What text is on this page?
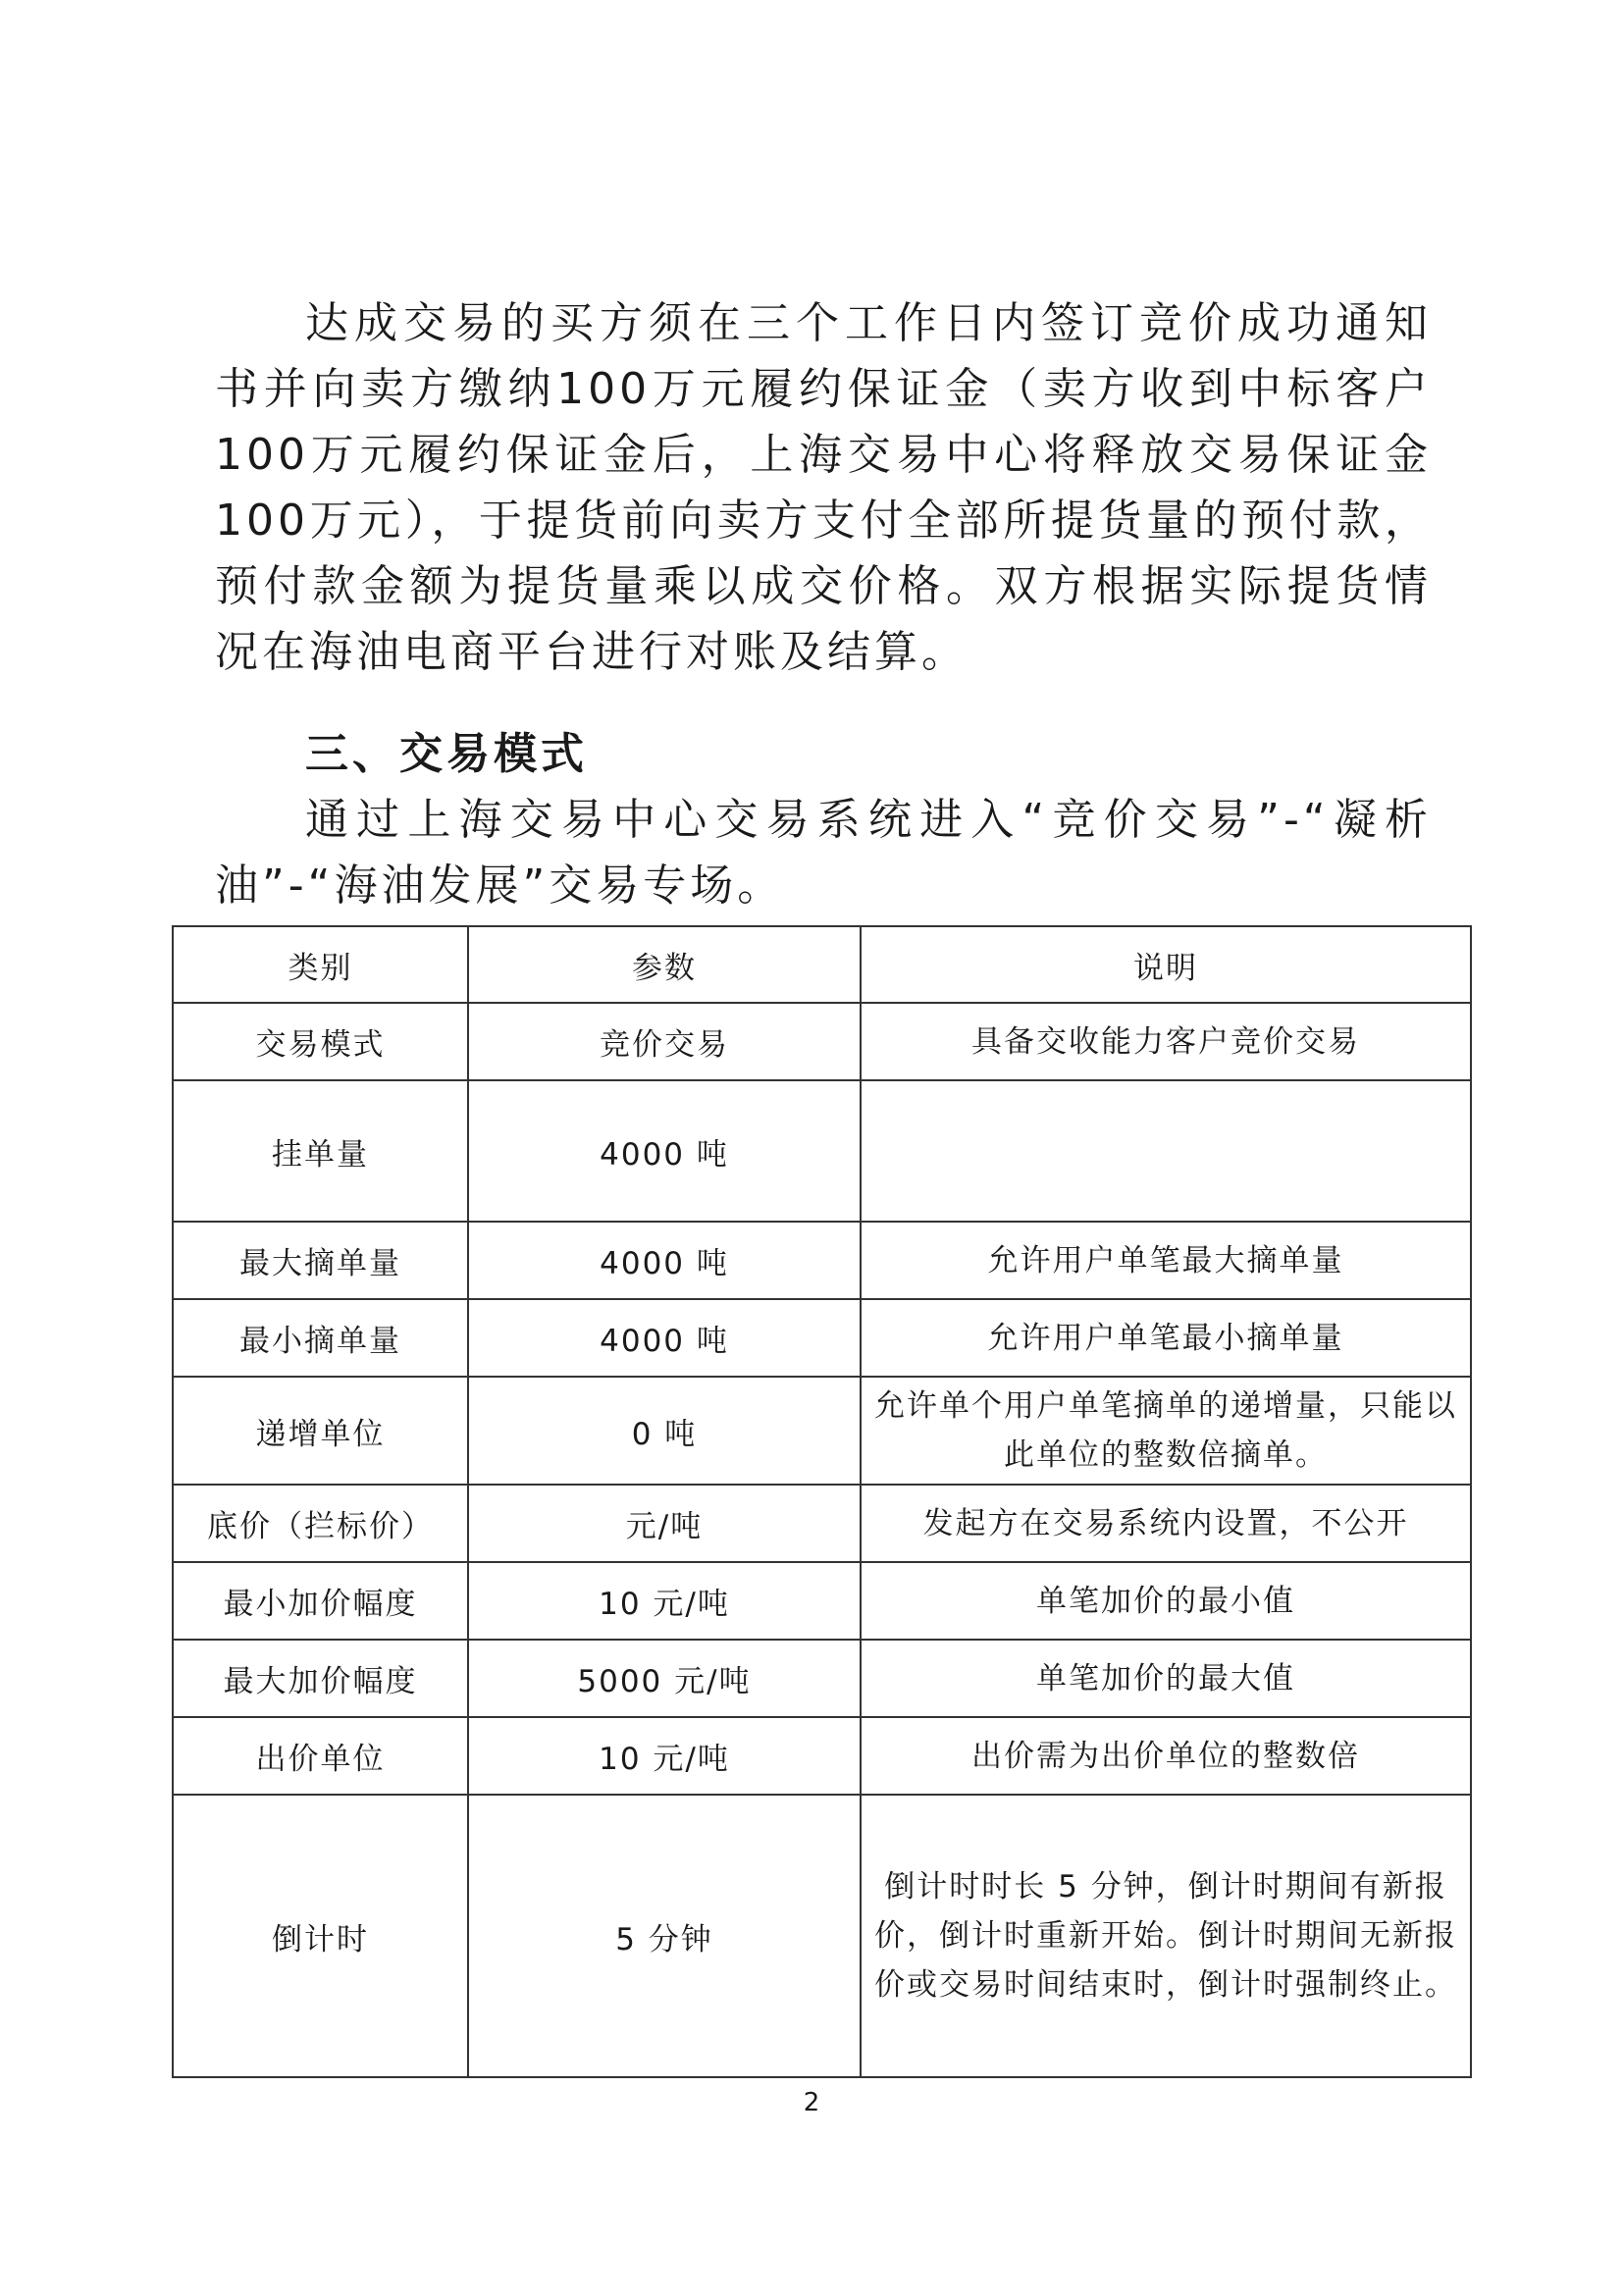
达成交易的买方须在三个工作日内签订竞价成功通知书并向卖方缴纳100万元履约保证金（卖方收到中标客户100万元履约保证金后，上海交易中心将释放交易保证金100万元），于提货前向卖方支付全部所提货量的预付款，预付款金额为提货量乘以成交价格。双方根据实际提货情况在海油电商平台进行对账及结算。

三、交易模式

通过上海交易中心交易系统进入“竞价交易”-“凝析油”-“海油发展”交易专场。

类别	参数	说明
交易模式	竞价交易	具备交收能力客户竞价交易
挂单量	4000 吨	
最大摘单量	4000 吨	允许用户单笔最大摘单量
最小摘单量	4000 吨	允许用户单笔最小摘单量
递增单位	0 吨	允许单个用户单笔摘单的递增量，只能以此单位的整数倍摘单。
底价（拦标价）	元/吨	发起方在交易系统内设置，不公开
最小加价幅度	10 元/吨	单笔加价的最小值
最大加价幅度	5000 元/吨	单笔加价的最大值
出价单位	10 元/吨	出价需为出价单位的整数倍
倒计时	5 分钟	倒计时时长 5 分钟，倒计时期间有新报价，倒计时重新开始。倒计时期间无新报价或交易时间结束时，倒计时强制终止。
2
